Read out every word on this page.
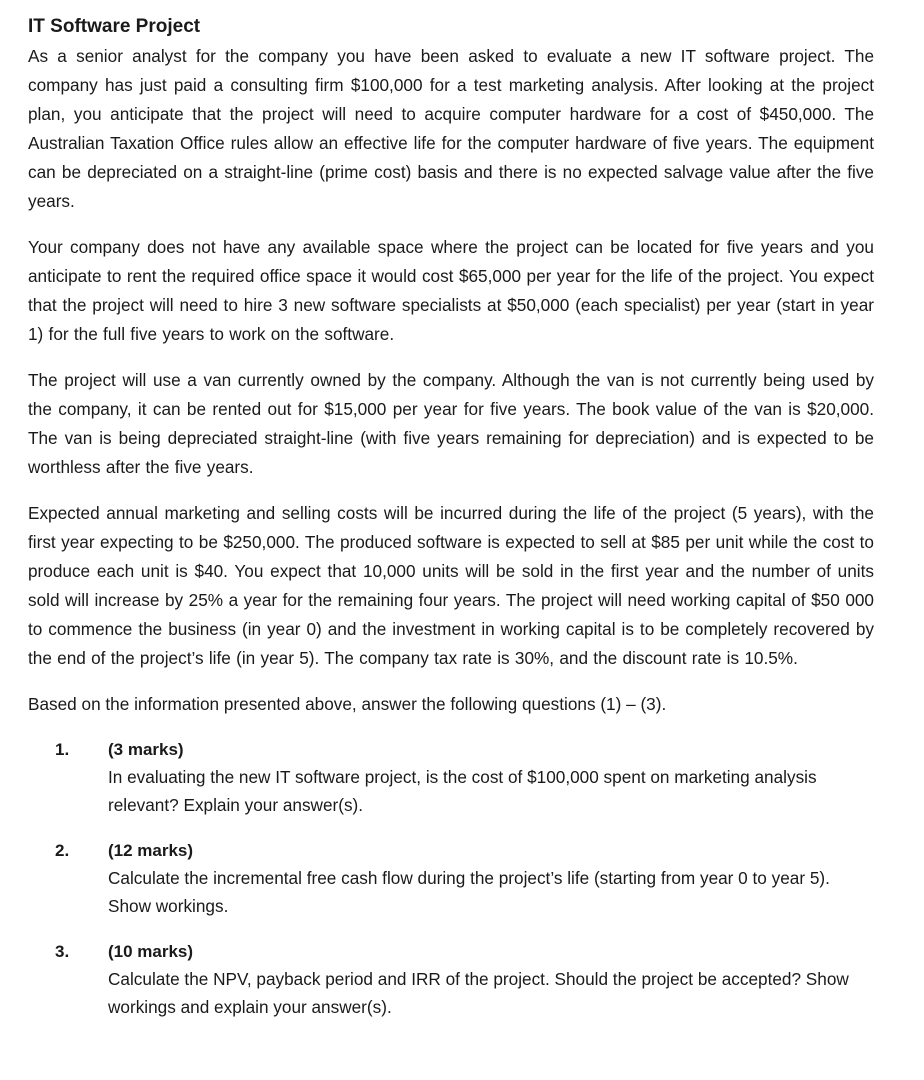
IT Software Project

As a senior analyst for the company you have been asked to evaluate a new IT software project. The company has just paid a consulting firm $100,000 for a test marketing analysis. After looking at the project plan, you anticipate that the project will need to acquire computer hardware for a cost of $450,000. The Australian Taxation Office rules allow an effective life for the computer hardware of five years. The equipment can be depreciated on a straight-line (prime cost) basis and there is no expected salvage value after the five years.

Your company does not have any available space where the project can be located for five years and you anticipate to rent the required office space it would cost $65,000 per year for the life of the project. You expect that the project will need to hire 3 new software specialists at $50,000 (each specialist) per year (start in year 1) for the full five years to work on the software.

The project will use a van currently owned by the company. Although the van is not currently being used by the company, it can be rented out for $15,000 per year for five years. The book value of the van is $20,000. The van is being depreciated straight-line (with five years remaining for depreciation) and is expected to be worthless after the five years.

Expected annual marketing and selling costs will be incurred during the life of the project (5 years), with the first year expecting to be $250,000. The produced software is expected to sell at $85 per unit while the cost to produce each unit is $40. You expect that 10,000 units will be sold in the first year and the number of units sold will increase by 25% a year for the remaining four years. The project will need working capital of $50 000 to commence the business (in year 0) and the investment in working capital is to be completely recovered by the end of the project’s life (in year 5). The company tax rate is 30%, and the discount rate is 10.5%.

Based on the information presented above, answer the following questions (1) – (3).

1. (3 marks)
In evaluating the new IT software project, is the cost of $100,000 spent on marketing analysis relevant? Explain your answer(s).
2. (12 marks)
Calculate the incremental free cash flow during the project’s life (starting from year 0 to year 5). Show workings.
3. (10 marks)
Calculate the NPV, payback period and IRR of the project. Should the project be accepted? Show workings and explain your answer(s).
